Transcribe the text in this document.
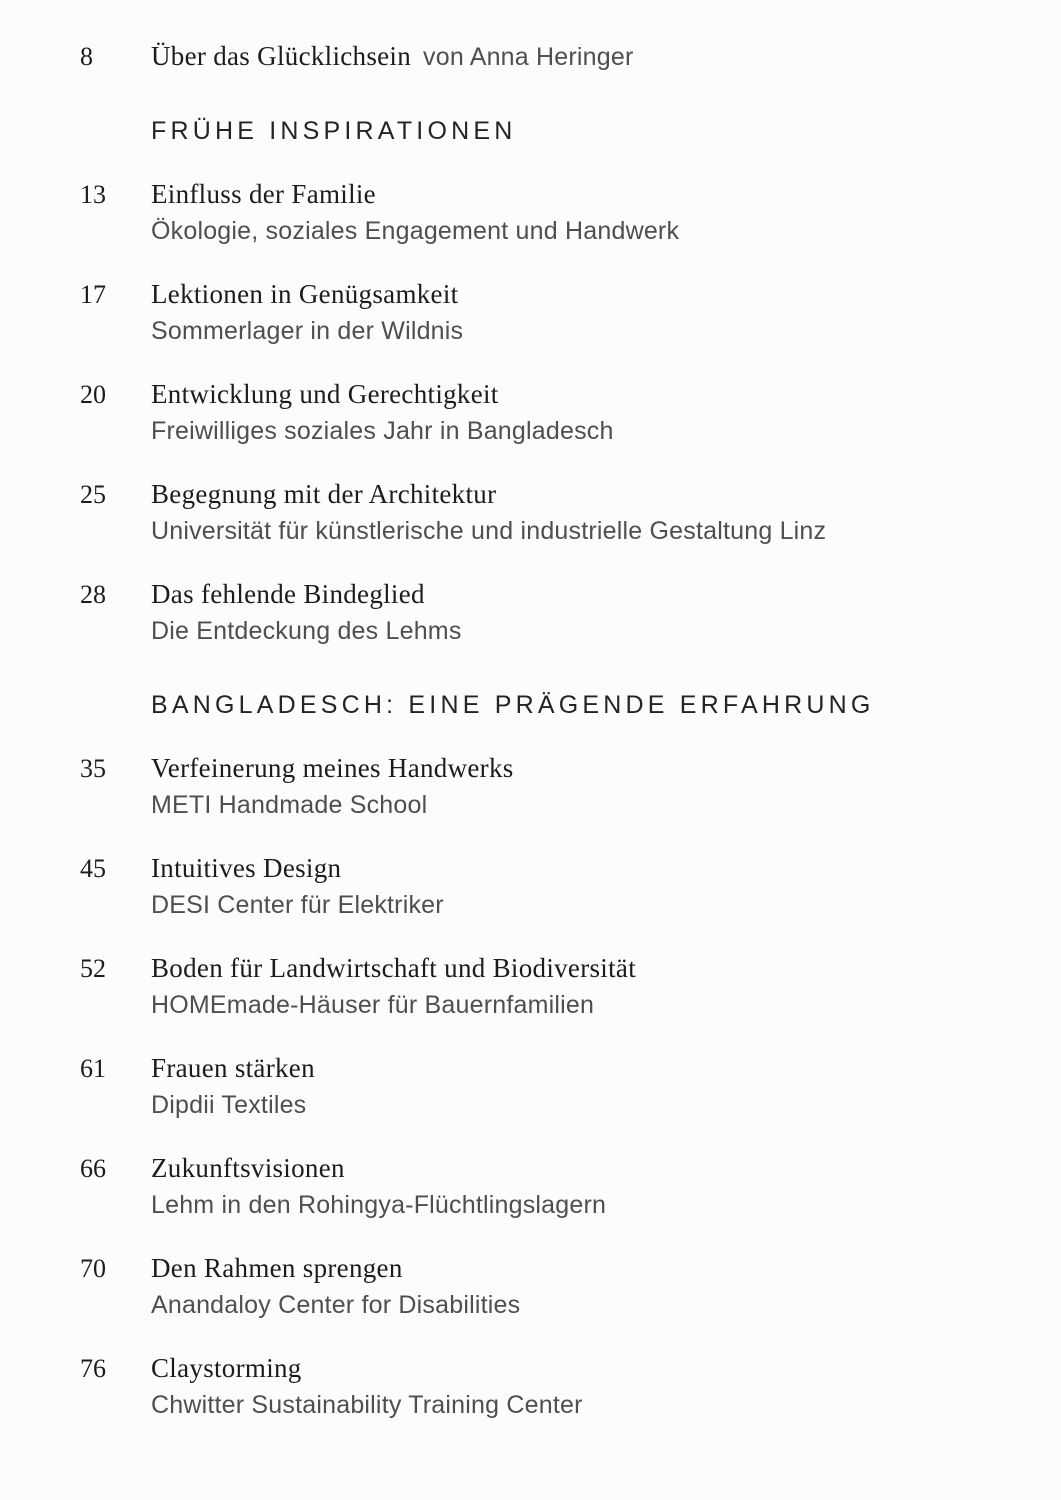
8	Über das Glücklichsein von Anna Heringer
FRÜHE INSPIRATIONEN
13	Einfluss der Familie
Ökologie, soziales Engagement und Handwerk
17	Lektionen in Genügsamkeit
Sommerlager in der Wildnis
20	Entwicklung und Gerechtigkeit
Freiwilliges soziales Jahr in Bangladesch
25	Begegnung mit der Architektur
Universität für künstlerische und industrielle Gestaltung Linz
28	Das fehlende Bindeglied
Die Entdeckung des Lehms
BANGLADESCH: EINE PRÄGENDE ERFAHRUNG
35	Verfeinerung meines Handwerks
METI Handmade School
45	Intuitives Design
DESI Center für Elektriker
52	Boden für Landwirtschaft und Biodiversität
HOMEmade-Häuser für Bauernfamilien
61	Frauen stärken
Dipdii Textiles
66	Zukunftsvisionen
Lehm in den Rohingya-Flüchtlingslagern
70	Den Rahmen sprengen
Anandaloy Center for Disabilities
76	Claystorming
Chwitter Sustainability Training Center
